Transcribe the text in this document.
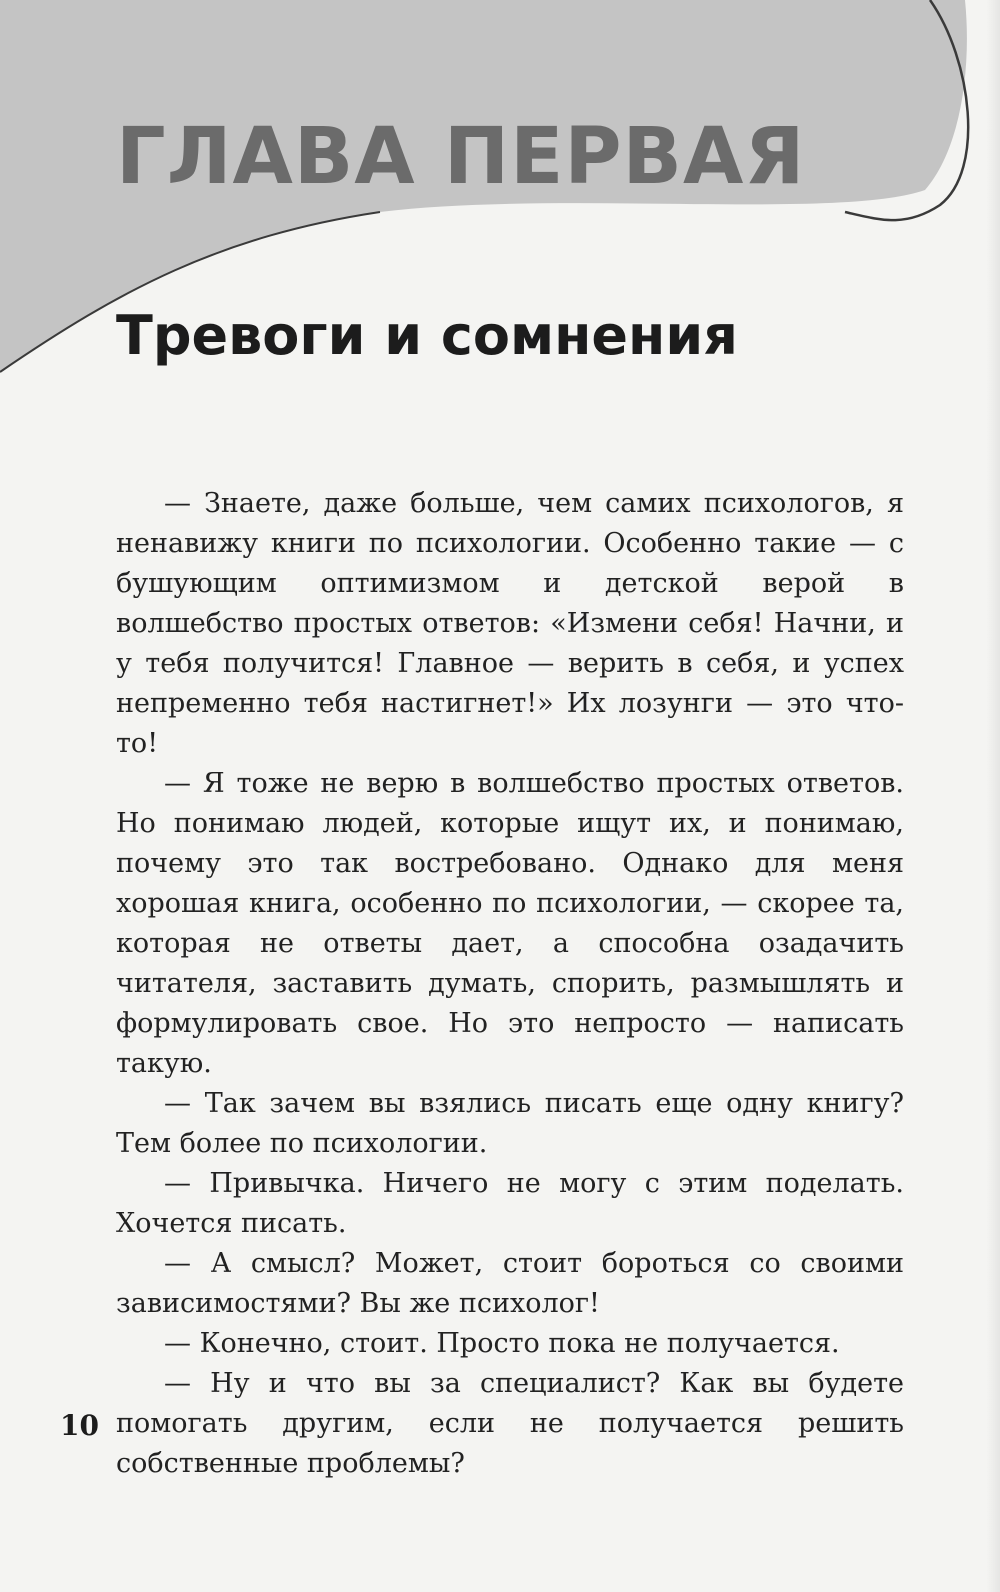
ГЛАВА ПЕРВАЯ
Тревоги и сомнения

— Знаете, даже больше, чем самих психологов, я ненавижу книги по психологии. Особенно такие — с бушующим оптимизмом и детской верой в волшебство простых ответов: «Измени себя! Начни, и у тебя получится! Главное — верить в себя, и успех непременно тебя настигнет!» Их лозунги — это что-то!

— Я тоже не верю в волшебство простых ответов. Но понимаю людей, которые ищут их, и понимаю, почему это так востребовано. Однако для меня хорошая книга, особенно по психологии, — скорее та, которая не ответы дает, а способна озадачить читателя, заставить думать, спорить, размышлять и формулировать свое. Но это непросто — написать такую.

— Так зачем вы взялись писать еще одну книгу? Тем более по психологии.

— Привычка. Ничего не могу с этим поделать. Хочется писать.

— А смысл? Может, стоит бороться со своими зависимостями? Вы же психолог!

— Конечно, стоит. Просто пока не получается.

— Ну и что вы за специалист? Как вы будете помогать другим, если не получается решить собственные проблемы?

10
